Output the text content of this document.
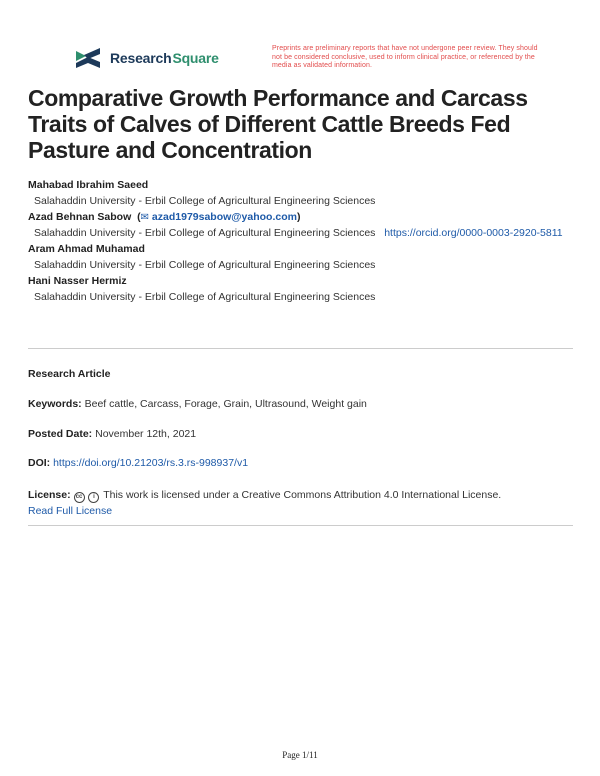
Research Square
Preprints are preliminary reports that have not undergone peer review. They should not be considered conclusive, used to inform clinical practice, or referenced by the media as validated information.
Comparative Growth Performance and Carcass Traits of Calves of Different Cattle Breeds Fed Pasture and Concentration
Mahabad Ibrahim Saeed
Salahaddin University - Erbil College of Agricultural Engineering Sciences
Azad Behnan Sabow  (✉ azad1979sabow@yahoo.com)
Salahaddin University - Erbil College of Agricultural Engineering Sciences https://orcid.org/0000-0003-2920-5811
Aram Ahmad Muhamad
Salahaddin University - Erbil College of Agricultural Engineering Sciences
Hani Nasser Hermiz
Salahaddin University - Erbil College of Agricultural Engineering Sciences
Research Article
Keywords: Beef cattle, Carcass, Forage, Grain, Ultrasound, Weight gain
Posted Date: November 12th, 2021
DOI: https://doi.org/10.21203/rs.3.rs-998937/v1
License: cc i This work is licensed under a Creative Commons Attribution 4.0 International License.
Read Full License
Page 1/11
